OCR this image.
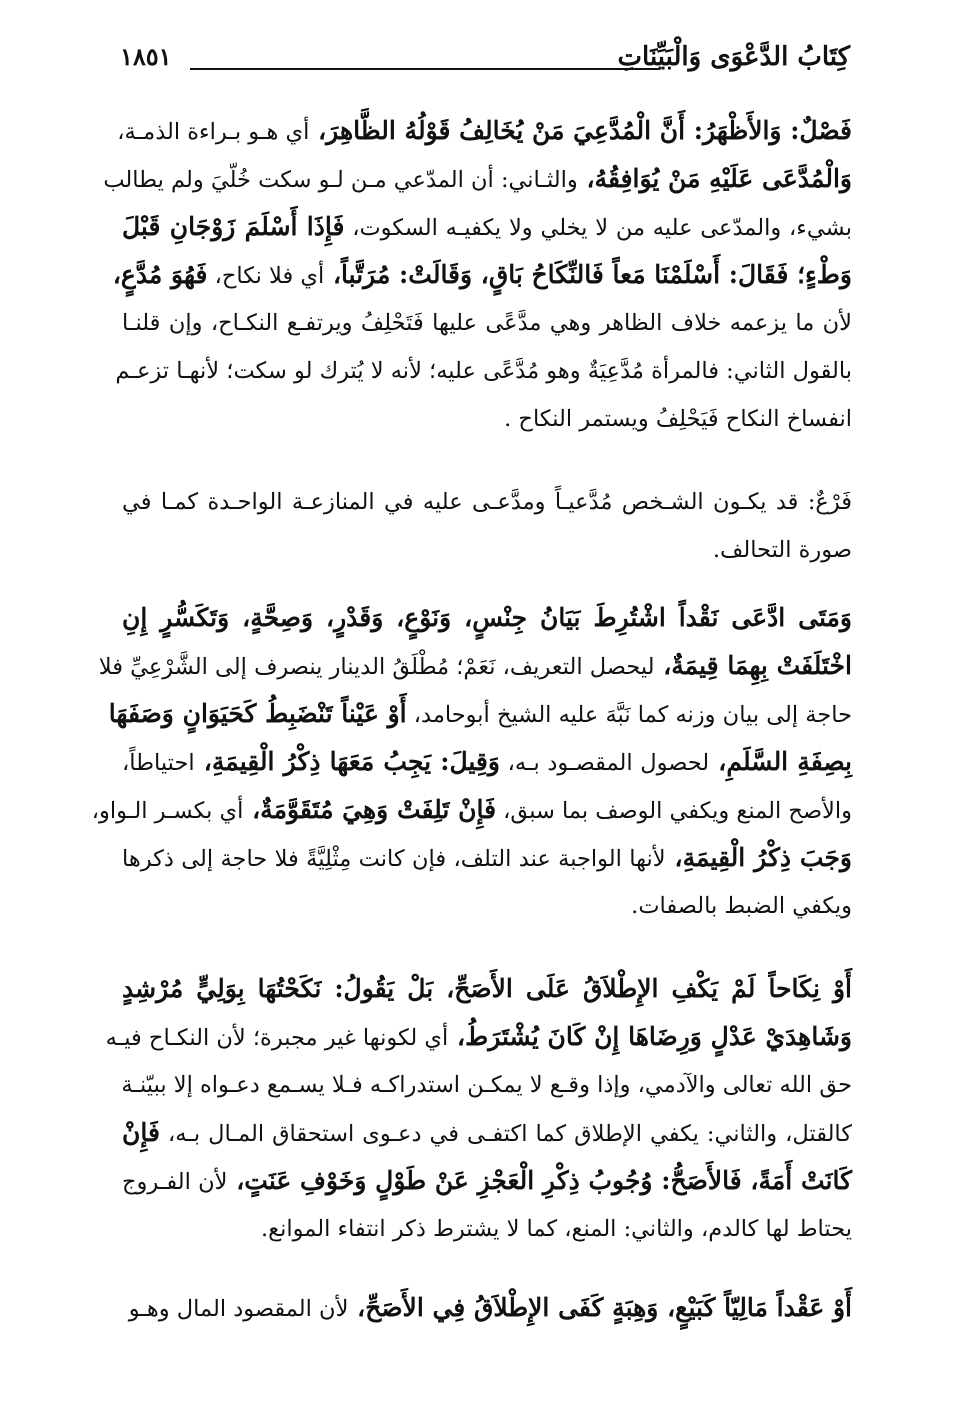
كِتَابُ الدَّعْوَى وَالْبَيِّنَاتِ
١٨٥١
فَصْلٌ: وَالأَظْهَرُ: أَنَّ الْمُدَّعِيَ مَنْ يُخَالِفُ قَوْلُهُ الظَّاهِرَ، أي هـو بـراءة الذمـة،
وَالْمُدَّعَى عَلَيْهِ مَنْ يُوَافِقُهُ، والثـاني: أن المدّعي مـن لـو سكت خُلّيَ ولم يطالب
بشيء، والمدّعى عليه من لا يخلي ولا يكفيـه السكوت، فَإِذَا أَسْلَمَ زَوْجَانِ قَبْلَ
وَطْءٍ؛ فَقَالَ: أَسْلَمْنَا مَعاً فَالنِّكَاحُ بَاقٍ، وَقَالَتْ: مُرَتَّباً، أي فلا نكاح، فَهُوَ مُدَّعٍ،
لأن ما يزعمه خلاف الظاهر وهي مدَّعًى عليها فَتَحْلِفُ ويرتفـع النكـاح، وإن قلنـا
بالقول الثاني: فالمرأة مُدَّعِيَةٌ وهو مُدَّعًى عليه؛ لأنه لا يُترك لو سكت؛ لأنهـا تزعـم
انفساخ النكاح فَيَحْلِفُ ويستمر النكاح .
فَرْعٌ: قد يكـون الشـخص مُدَّعيـاً ومدَّعـى عليه في المنازعـة الواحـدة كمـا في
صورة التحالف.
وَمَتَى ادَّعَى نَقْداً اشْتُرِطَ بَيَانُ جِنْسٍ، وَنَوْعٍ، وَقَدْرٍ، وَصِحَّةٍ، وَتَكَسُّرٍ إِنِ
اخْتَلَفَتْ بِهِمَا قِيمَةٌ، ليحصل التعريف، نَعَمْ؛ مُطْلَقُ الدينار ينصرف إلى الشَّرْعِيِّ فلا
حاجة إلى بيان وزنه كما نَبَّهَ عليه الشيخ أبوحامد، أَوْ عَيْناً تَنْضَبِطُ كَحَيَوَانٍ وَصَفَهَا
بِصِفَةِ السَّلَمِ، لحصول المقصـود بـه، وَقِيلَ: يَجِبُ مَعَهَا ذِكْرُ الْقِيمَةِ، احتياطاً،
والأصح المنع ويكفي الوصف بما سبق، فَإِنْ تَلِفَتْ وَهِيَ مُتَقَوَّمَةٌ، أي بكسـر الـواو،
وَجَبَ ذِكْرُ الْقِيمَةِ، لأنها الواجبة عند التلف، فإن كانت مِثْلِيَّةً فلا حاجة إلى ذكرها
ويكفي الضبط بالصفات.
أَوْ نِكَاحاً لَمْ يَكْفِ الإِطْلاَقُ عَلَى الأَصَحِّ، بَلْ يَقُولُ: نَكَحْتُهَا بِوَلِيٍّ مُرْشِدٍ
وَشَاهِدَيْ عَدْلٍ وَرِضَاهَا إِنْ كَانَ يُشْتَرَطُ، أي لكونها غير مجبرة؛ لأن النكـاح فيـه
حق الله تعالى والآدمي، وإذا وقـع لا يمكـن استدراكـه فـلا يسـمع دعـواه إلا ببيّنـة
كالقتل، والثاني: يكفي الإطلاق كما اكتفـى في دعـوى استحقاق المـال بـه، فَإِنْ
كَانَتْ أَمَةً، فَالأَصَحُّ: وُجُوبُ ذِكْرِ الْعَجْزِ عَنْ طَوْلٍ وَخَوْفِ عَنَتٍ، لأن الفـروج
يحتاط لها كالدم، والثاني: المنع، كما لا يشترط ذكر انتفاء الموانع.
أَوْ عَقْداً مَالِيّاً كَبَيْعٍ، وَهِبَةٍ كَفَى الإِطْلاَقُ فِي الأَصَحِّ، لأن المقصود المال وهـو
